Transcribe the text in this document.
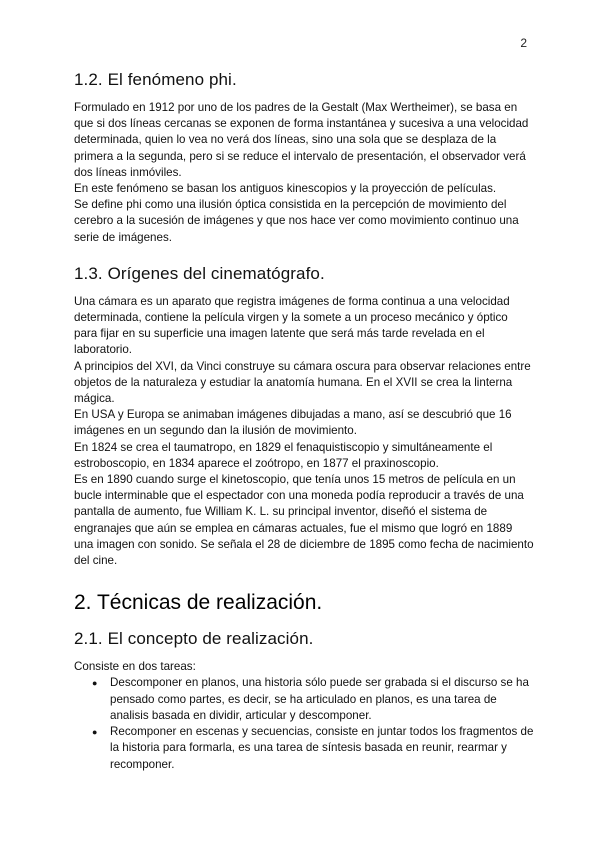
2
1.2. El fenómeno phi.

Formulado en 1912 por uno de los padres de la Gestalt (Max Wertheimer), se basa en que si dos líneas cercanas se exponen de forma instantánea y sucesiva a una velocidad determinada, quien lo vea no verá dos líneas, sino una sola que se desplaza de la primera a la segunda, pero si se reduce el intervalo de presentación, el observador verá dos líneas inmóviles.

En este fenómeno se basan los antiguos kinescopios y la proyección de películas.

Se define phi como una ilusión óptica consistida en la percepción de movimiento del cerebro a la sucesión de imágenes y que nos hace ver como movimiento continuo una serie de imágenes.

1.3. Orígenes del cinematógrafo.

Una cámara es un aparato que registra imágenes de forma continua a una velocidad determinada, contiene la película virgen y la somete a un proceso mecánico y óptico para fijar en su superficie una imagen latente que será más tarde revelada en el laboratorio.

A principios del XVI, da Vinci construye su cámara oscura para observar relaciones entre objetos de la naturaleza y estudiar la anatomía humana. En el XVII se crea la linterna mágica.

En USA y Europa se animaban imágenes dibujadas a mano, así se descubrió que 16 imágenes en un segundo dan la ilusión de movimiento.

En 1824 se crea el taumatropo, en 1829 el fenaquistiscopio y simultáneamente el estroboscopio, en 1834 aparece el zoótropo, en 1877 el praxinoscopio.

Es en 1890 cuando surge el kinetoscopio, que tenía unos 15 metros de película en un bucle interminable que el espectador con una moneda podía reproducir a través de una pantalla de aumento, fue William K. L. su principal inventor, diseñó el sistema de engranajes que aún se emplea en cámaras actuales, fue el mismo que logró en 1889 una imagen con sonido. Se señala el 28 de diciembre de 1895 como fecha de nacimiento del cine.

2. Técnicas de realización.
2.1. El concepto de realización.

Consiste en dos tareas:

● Descomponer en planos, una historia sólo puede ser grabada si el discurso se ha pensado como partes, es decir, se ha articulado en planos, es una tarea de analisis basada en dividir, articular y descomponer.
● Recomponer en escenas y secuencias, consiste en juntar todos los fragmentos de la historia para formarla, es una tarea de síntesis basada en reunir, rearmar y recomponer.
